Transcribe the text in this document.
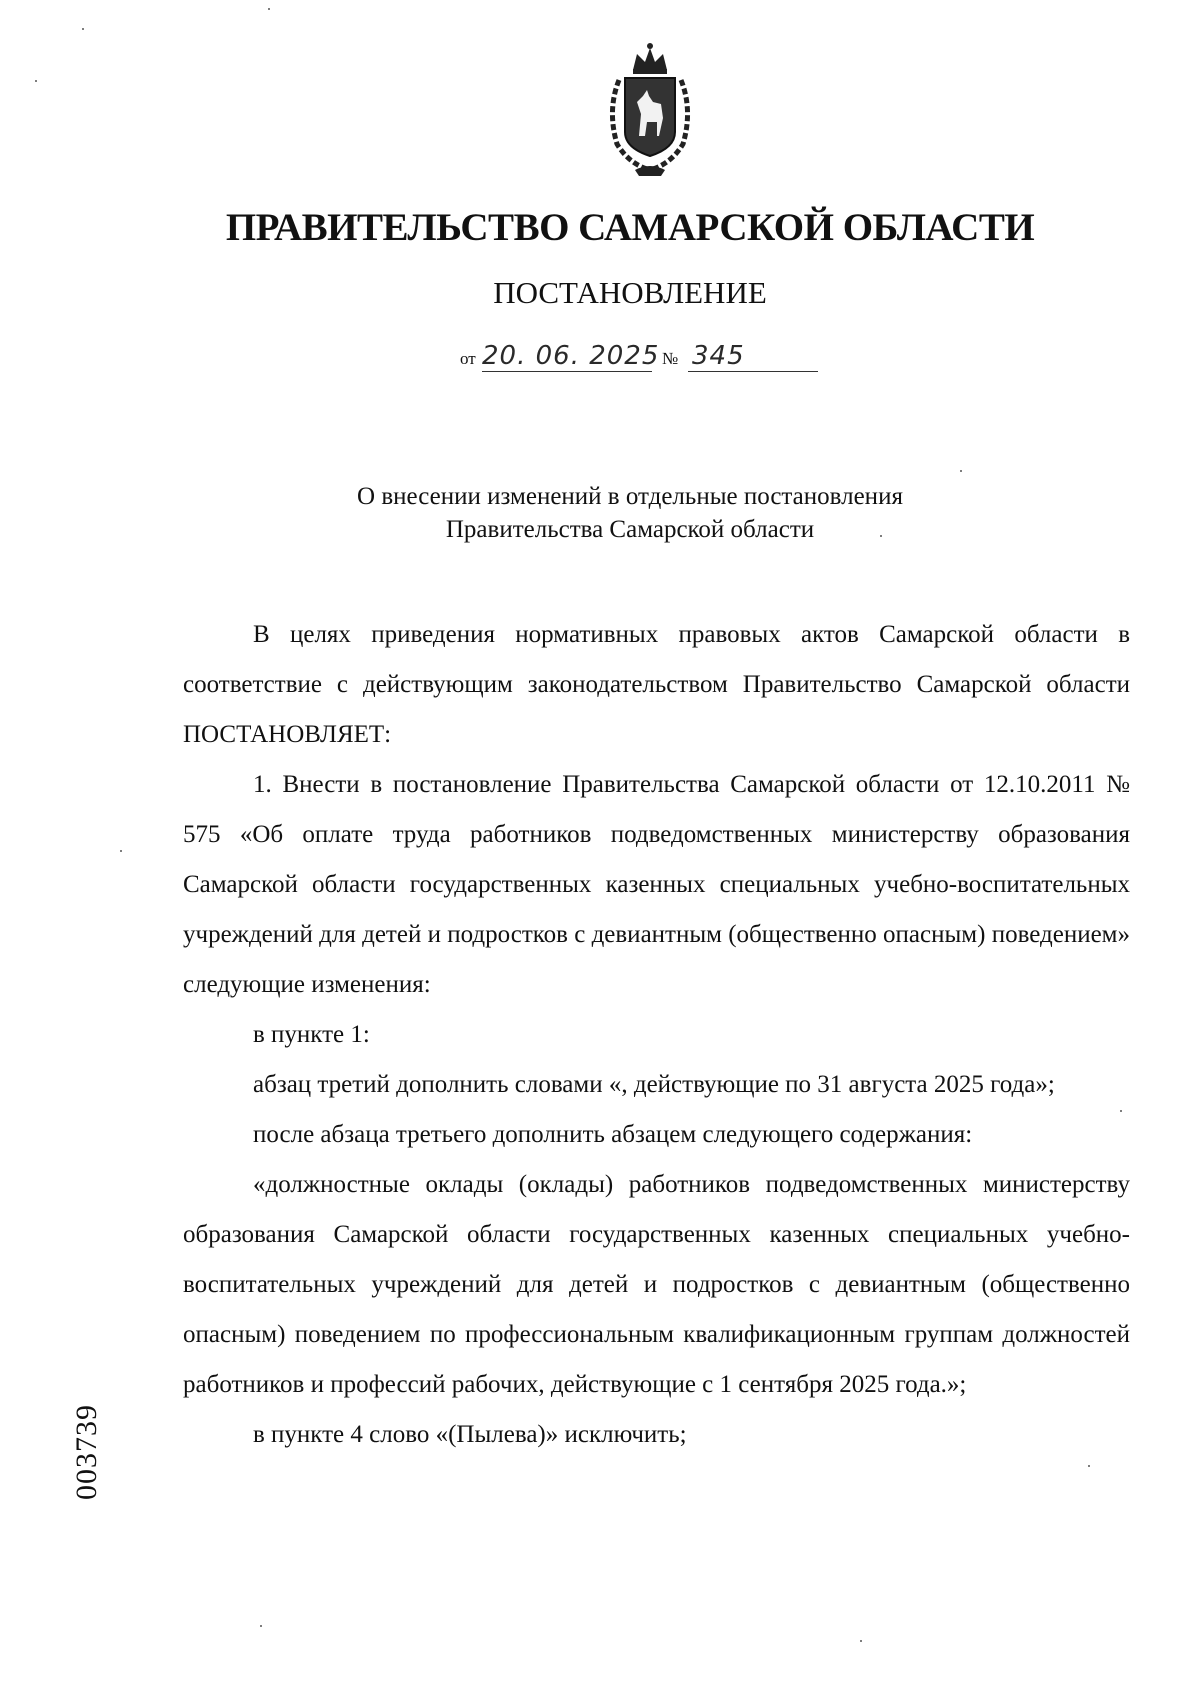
ПРАВИТЕЛЬСТВО САМАРСКОЙ ОБЛАСТИ
ПОСТАНОВЛЕНИЕ
от 20. 06. 2025 № 345
О внесении изменений в отдельные постановления
Правительства Самарской области

В целях приведения нормативных правовых актов Самарской области в соответствие с действующим законодательством Правительство Самарской области ПОСТАНОВЛЯЕТ:

1. Внести в постановление Правительства Самарской области от 12.10.2011 № 575 «Об оплате труда работников подведомственных министерству образования Самарской области государственных казенных специальных учебно-воспитательных учреждений для детей и подростков с девиантным (общественно опасным) поведением» следующие изменения:

в пункте 1:

абзац третий дополнить словами «, действующие по 31 августа 2025 года»;

после абзаца третьего дополнить абзацем следующего содержания:

«должностные оклады (оклады) работников подведомственных министерству образования Самарской области государственных казенных специальных учебно-воспитательных учреждений для детей и подростков с девиантным (общественно опасным) поведением по профессиональным квалификационным группам должностей работников и профессий рабочих, действующие с 1 сентября 2025 года.»;

в пункте 4 слово «(Пылева)» исключить;

003739
